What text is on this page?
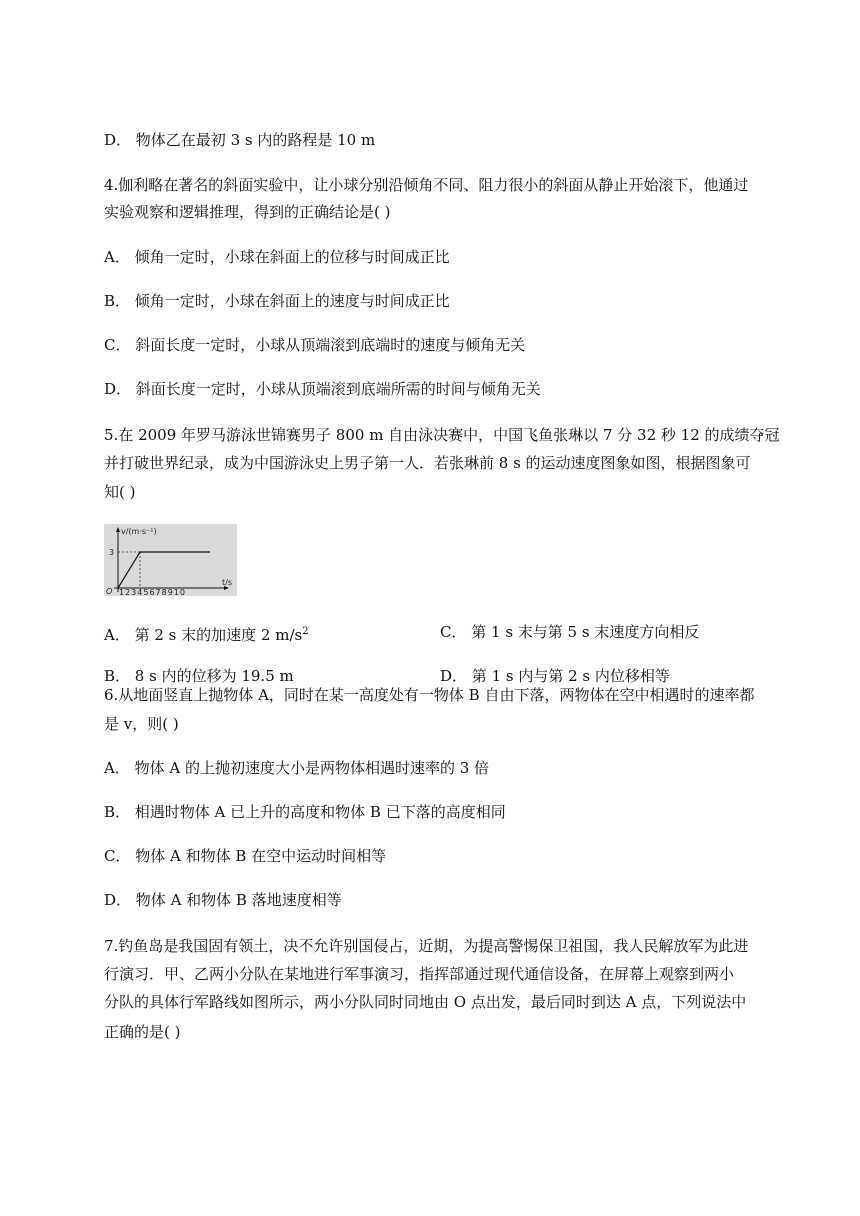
D． 物体乙在最初 3 s 内的路程是 10 m
4.伽利略在著名的斜面实验中，让小球分别沿倾角不同、阻力很小的斜面从静止开始滚下，他通过
实验观察和逻辑推理，得到的正确结论是( )
A． 倾角一定时，小球在斜面上的位移与时间成正比
B． 倾角一定时，小球在斜面上的速度与时间成正比
C． 斜面长度一定时，小球从顶端滚到底端时的速度与倾角无关
D． 斜面长度一定时，小球从顶端滚到底端所需的时间与倾角无关
5.在 2009 年罗马游泳世锦赛男子 800 m 自由泳决赛中，中国飞鱼张琳以 7 分 32 秒 12 的成绩夺冠
并打破世界纪录，成为中国游泳史上男子第一人．若张琳前 8 s 的运动速度图象如图，根据图象可
知( )
v/(m·s⁻¹)
3
O 12345678910
t/s
A． 第 2 s 末的加速度 2 $m/s^2$	C． 第 1 s 末与第 5 s 末速度方向相反
B． 8 s 内的位移为 19.5 m	D． 第 1 s 内与第 2 s 内位移相等
6.从地面竖直上抛物体 A，同时在某一高度处有一物体 B 自由下落，两物体在空中相遇时的速率都
是 v，则( )
A． 物体 A 的上抛初速度大小是两物体相遇时速率的 3 倍
B． 相遇时物体 A 已上升的高度和物体 B 已下落的高度相同
C． 物体 A 和物体 B 在空中运动时间相等
D． 物体 A 和物体 B 落地速度相等
7.钓鱼岛是我国固有领土，决不允许别国侵占，近期，为提高警惕保卫祖国，我人民解放军为此进
行演习．甲、乙两小分队在某地进行军事演习，指挥部通过现代通信设备，在屏幕上观察到两小
分队的具体行军路线如图所示，两小分队同时同地由 O 点出发，最后同时到达 A 点，下列说法中
正确的是( )
